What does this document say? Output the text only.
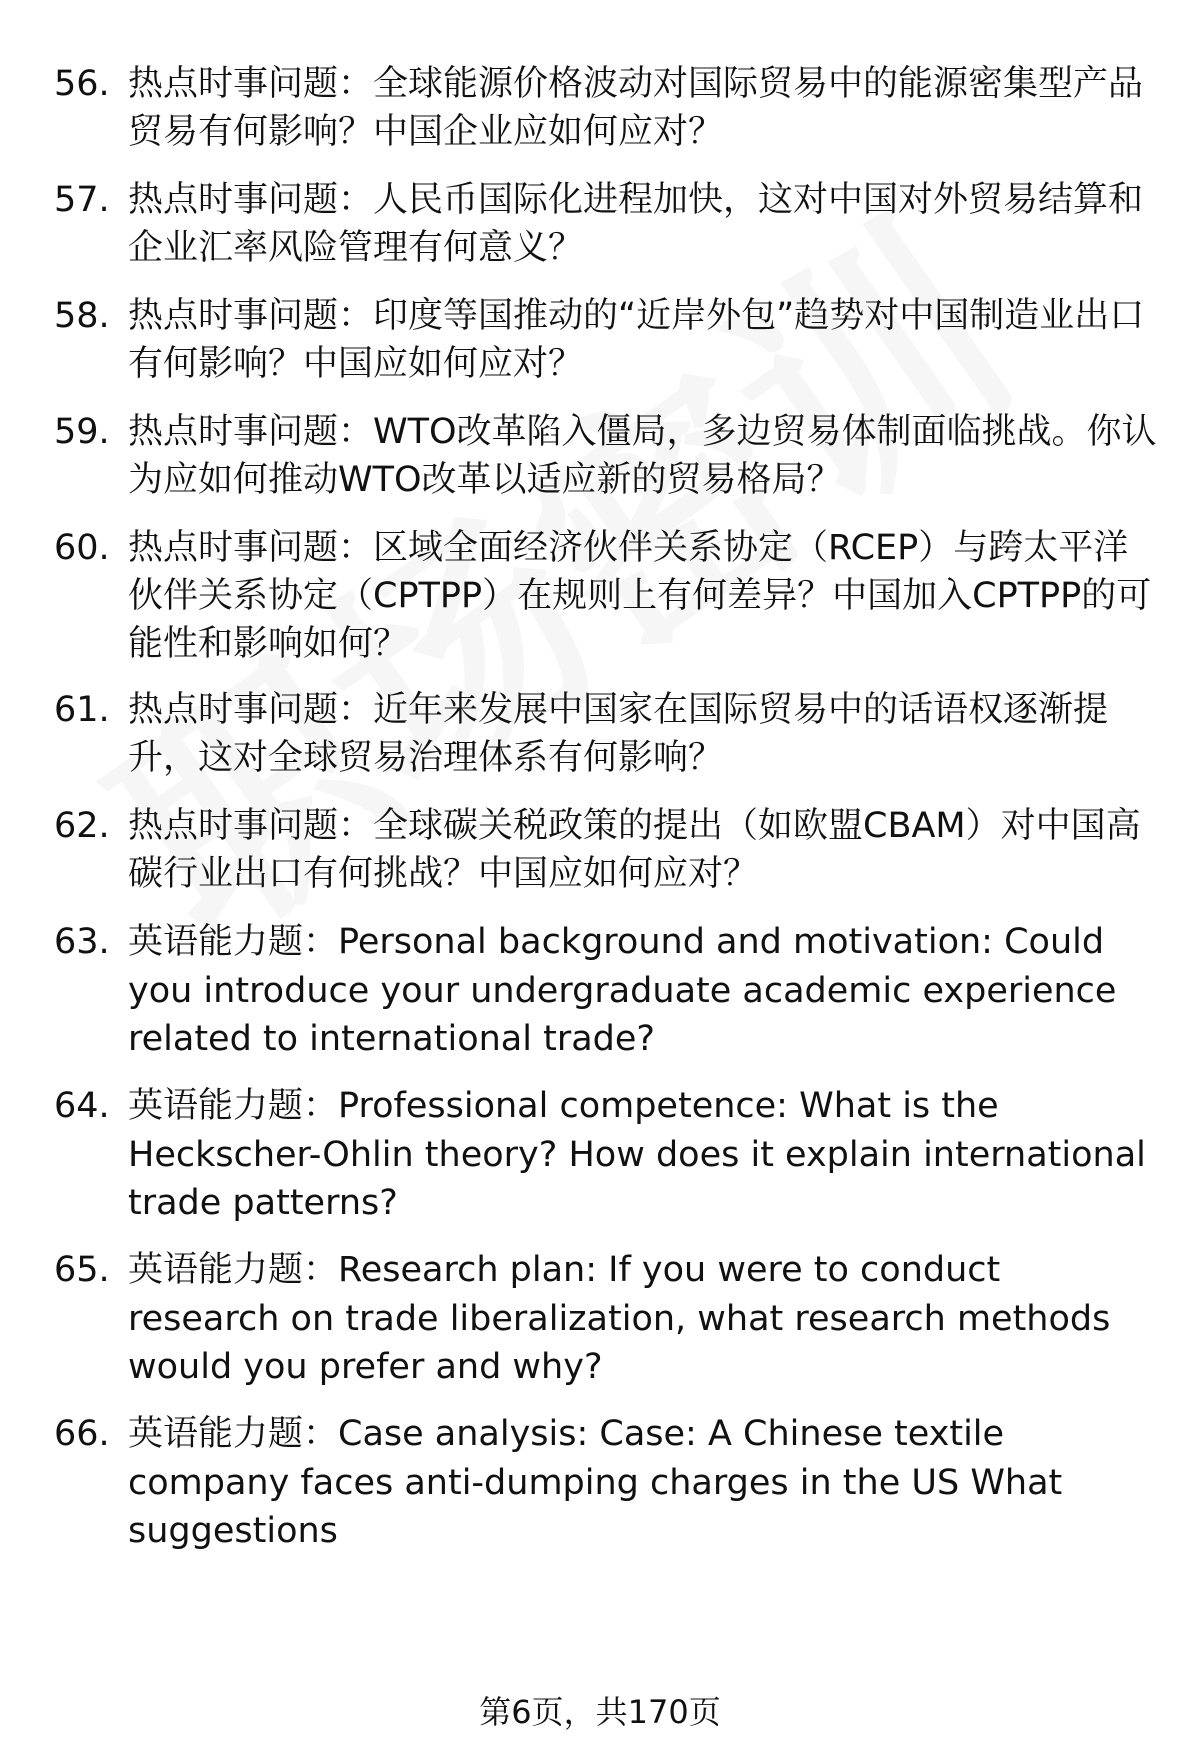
56. 热点时事问题：全球能源价格波动对国际贸易中的能源密集型产品贸易有何影响？中国企业应如何应对？
57. 热点时事问题：人民币国际化进程加快，这对中国对外贸易结算和企业汇率风险管理有何意义？
58. 热点时事问题：印度等国推动的“近岸外包”趋势对中国制造业出口有何影响？中国应如何应对？
59. 热点时事问题：WTO改革陷入僵局，多边贸易体制面临挑战。你认为应如何推动WTO改革以适应新的贸易格局？
60. 热点时事问题：区域全面经济伙伴关系协定（RCEP）与跨太平洋伙伴关系协定（CPTPP）在规则上有何差异？中国加入CPTPP的可能性和影响如何？
61. 热点时事问题：近年来发展中国家在国际贸易中的话语权逐渐提升，这对全球贸易治理体系有何影响？
62. 热点时事问题：全球碳关税政策的提出（如欧盟CBAM）对中国高碳行业出口有何挑战？中国应如何应对？
63. 英语能力题：Personal background and motivation: Could you introduce your undergraduate academic experience related to international trade?
64. 英语能力题：Professional competence: What is the Heckscher-Ohlin theory? How does it explain international trade patterns?
65. 英语能力题：Research plan: If you were to conduct research on trade liberalization, what research methods would you prefer and why?
66. 英语能力题：Case analysis: Case: A Chinese textile company faces anti-dumping charges in the US What suggestions
第6页，共170页
